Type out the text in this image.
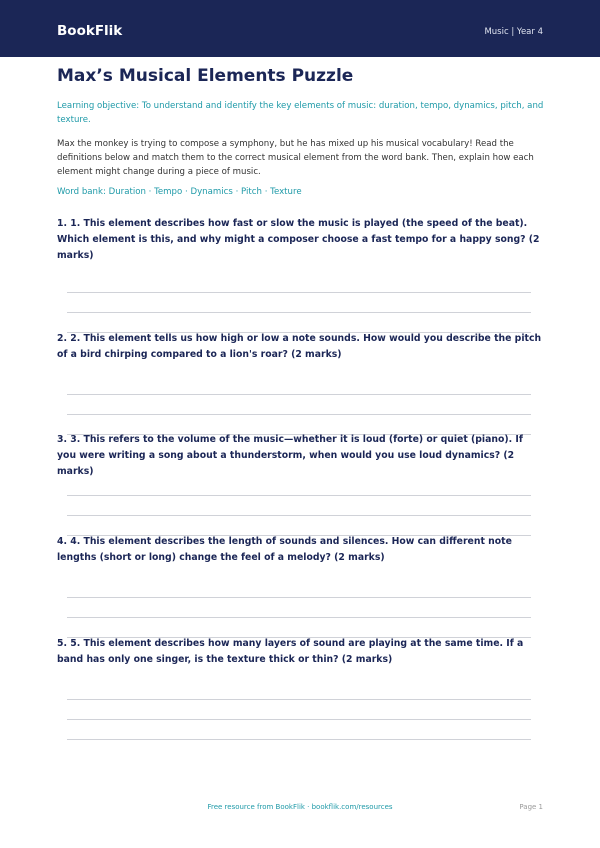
BookFlik	Music | Year 4
Max’s Musical Elements Puzzle

Learning objective: To understand and identify the key elements of music: duration, tempo, dynamics, pitch, and texture.

Max the monkey is trying to compose a symphony, but he has mixed up his musical vocabulary! Read the definitions below and match them to the correct musical element from the word bank. Then, explain how each element might change during a piece of music.

Word bank: Duration · Tempo · Dynamics · Pitch · Texture

1. 1. This element describes how fast or slow the music is played (the speed of the beat). Which element is this, and why might a composer choose a fast tempo for a happy song? (2 marks)

2. 2. This element tells us how high or low a note sounds. How would you describe the pitch of a bird chirping compared to a lion's roar? (2 marks)

3. 3. This refers to the volume of the music—whether it is loud (forte) or quiet (piano). If you were writing a song about a thunderstorm, when would you use loud dynamics? (2 marks)

4. 4. This element describes the length of sounds and silences. How can different note lengths (short or long) change the feel of a melody? (2 marks)

5. 5. This element describes how many layers of sound are playing at the same time. If a band has only one singer, is the texture thick or thin? (2 marks)

Free resource from BookFlik · bookflik.com/resources	Page 1
